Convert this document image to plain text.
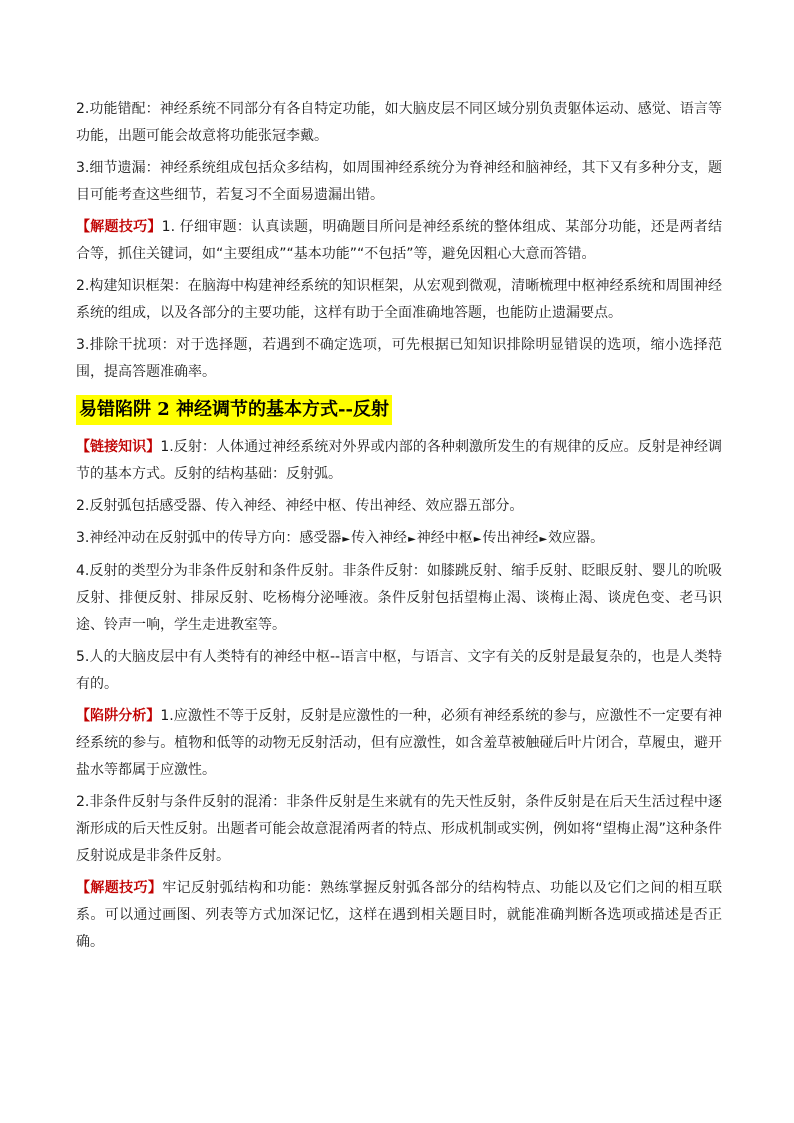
2.功能错配：神经系统不同部分有各自特定功能，如大脑皮层不同区域分别负责躯体运动、感觉、语言等功能，出题可能会故意将功能张冠李戴。

3.细节遗漏：神经系统组成包括众多结构，如周围神经系统分为脊神经和脑神经，其下又有多种分支，题目可能考查这些细节，若复习不全面易遗漏出错。

【解题技巧】1. 仔细审题：认真读题，明确题目所问是神经系统的整体组成、某部分功能，还是两者结合等，抓住关键词，如“主要组成”“基本功能”“不包括”等，避免因粗心大意而答错。

2.构建知识框架：在脑海中构建神经系统的知识框架，从宏观到微观，清晰梳理中枢神经系统和周围神经系统的组成，以及各部分的主要功能，这样有助于全面准确地答题，也能防止遗漏要点。

3.排除干扰项：对于选择题，若遇到不确定选项，可先根据已知知识排除明显错误的选项，缩小选择范围，提高答题准确率。

易错陷阱 2 神经调节的基本方式--反射

【链接知识】1.反射：人体通过神经系统对外界或内部的各种刺激所发生的有规律的反应。反射是神经调节的基本方式。反射的结构基础：反射弧。

2.反射弧包括感受器、传入神经、神经中枢、传出神经、效应器五部分。

3.神经冲动在反射弧中的传导方向：感受器►传入神经►神经中枢►传出神经►效应器。

4.反射的类型分为非条件反射和条件反射。非条件反射：如膝跳反射、缩手反射、眨眼反射、婴儿的吮吸反射、排便反射、排尿反射、吃杨梅分泌唾液。条件反射包括望梅止渴、谈梅止渴、谈虎色变、老马识途、铃声一响，学生走进教室等。

5.人的大脑皮层中有人类特有的神经中枢--语言中枢，与语言、文字有关的反射是最复杂的，也是人类特有的。

【陷阱分析】1.应激性不等于反射，反射是应激性的一种，必须有神经系统的参与，应激性不一定要有神经系统的参与。植物和低等的动物无反射活动，但有应激性，如含羞草被触碰后叶片闭合，草履虫，避开盐水等都属于应激性。

2.非条件反射与条件反射的混淆：非条件反射是生来就有的先天性反射，条件反射是在后天生活过程中逐渐形成的后天性反射。出题者可能会故意混淆两者的特点、形成机制或实例，例如将“望梅止渴”这种条件反射说成是非条件反射。

【解题技巧】牢记反射弧结构和功能：熟练掌握反射弧各部分的结构特点、功能以及它们之间的相互联系。可以通过画图、列表等方式加深记忆，这样在遇到相关题目时，就能准确判断各选项或描述是否正确。
